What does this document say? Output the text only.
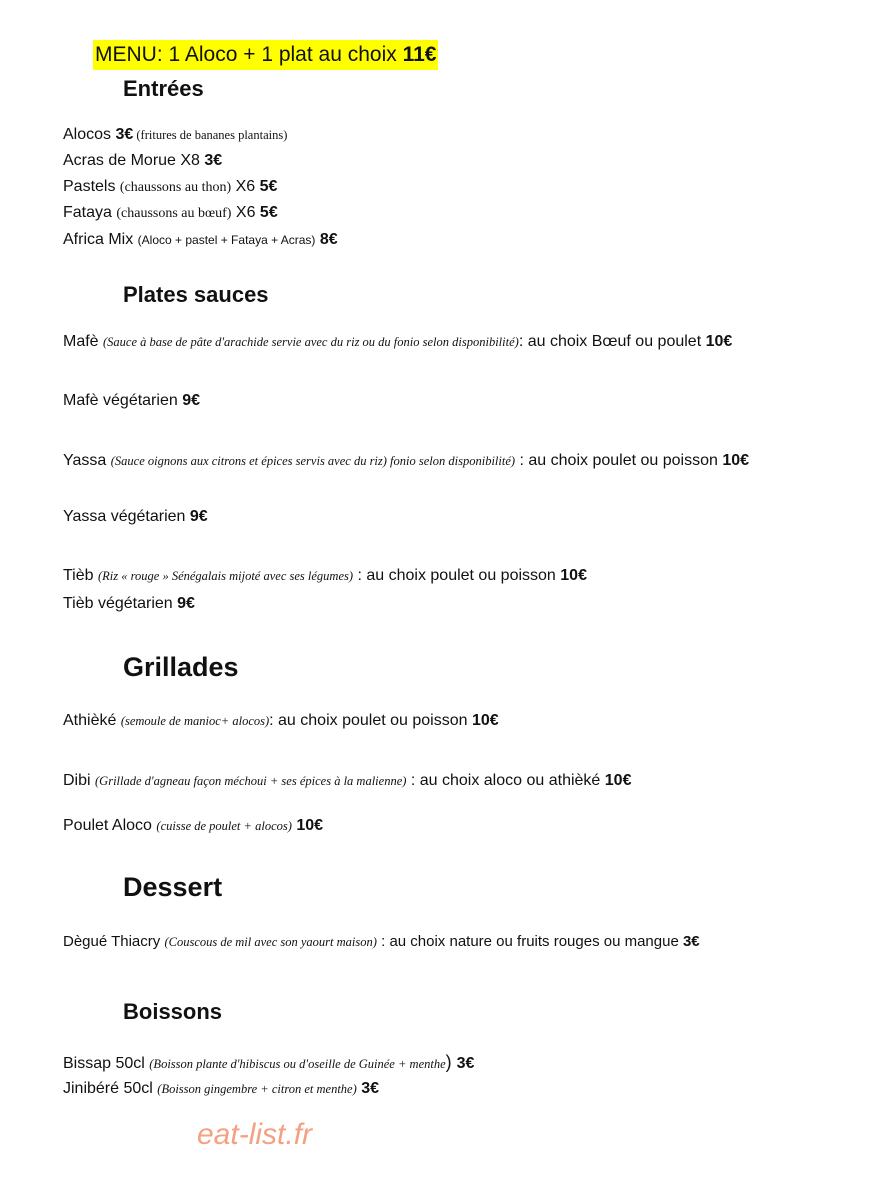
MENU: 1 Aloco + 1 plat au choix 11€
Entrées
Alocos 3€ (fritures de bananes plantains)
Acras de Morue X8 3€
Pastels (chaussons au thon) X6 5€
Fataya (chaussons au bœuf) X6 5€
Africa Mix (Aloco + pastel + Fataya + Acras) 8€
Plates sauces
Mafè (Sauce à base de pâte d'arachide servie avec du riz ou du fonio selon disponibilité): au choix Bœuf ou poulet 10€
Mafè végétarien 9€
Yassa (Sauce oignons aux citrons et épices servis avec du riz) fonio selon disponibilité) : au choix poulet ou poisson 10€
Yassa végétarien 9€
Tièb (Riz « rouge » Sénégalais mijoté avec ses légumes) : au choix poulet ou poisson 10€
Tièb végétarien 9€
Grillades
Athièké (semoule de manioc+ alocos): au choix poulet ou poisson 10€
Dibi (Grillade d'agneau façon méchoui + ses épices à la malienne) : au choix aloco ou athièké 10€
Poulet Aloco (cuisse de poulet + alocos) 10€
Dessert
Dègué Thiacry (Couscous de mil avec son yaourt maison) : au choix nature ou fruits rouges ou mangue 3€
Boissons
Bissap 50cl (Boisson plante d'hibiscus ou d'oseille de Guinée + menthe) 3€
Jinibéré 50cl (Boisson gingembre + citron et menthe) 3€
eat-list.fr
